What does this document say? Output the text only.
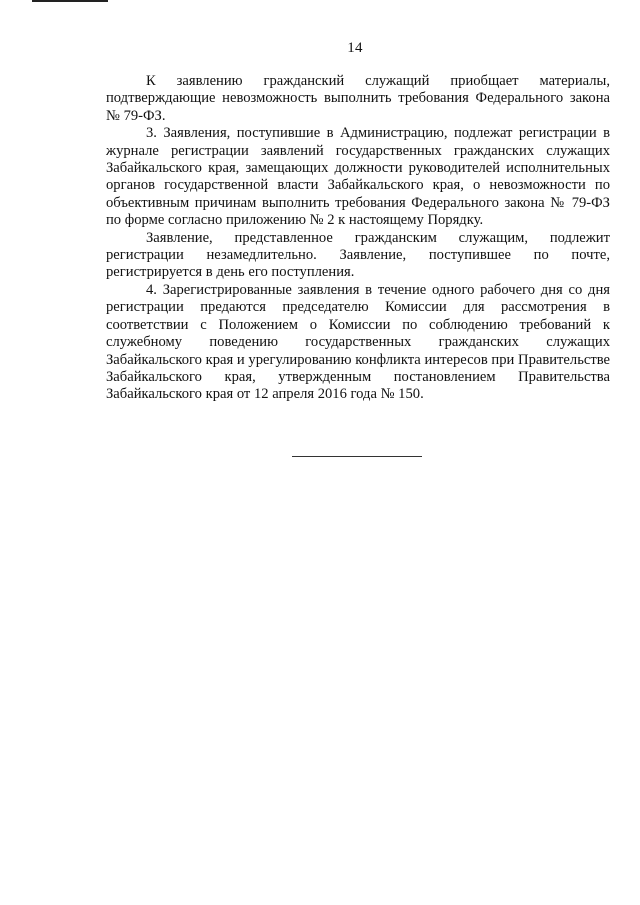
14

К заявлению гражданский служащий приобщает материалы, подтверждающие невозможность выполнить требования Федерального закона № 79-ФЗ.

3. Заявления, поступившие в Администрацию, подлежат регистрации в журнале регистрации заявлений государственных гражданских служащих Забайкальского края, замещающих должности руководителей исполнительных органов государственной власти Забайкальского края, о невозможности по объективным причинам выполнить требования Федерального закона № 79-ФЗ по форме согласно приложению № 2 к настоящему Порядку.

Заявление, представленное гражданским служащим, подлежит регистрации незамедлительно. Заявление, поступившее по почте, регистрируется в день его поступления.

4. Зарегистрированные заявления в течение одного рабочего дня со дня регистрации предаются председателю Комиссии для рассмотрения в соответствии с Положением о Комиссии по соблюдению требований к служебному поведению государственных гражданских служащих Забайкальского края и урегулированию конфликта интересов при Правительстве Забайкальского края, утвержденным постановлением Правительства Забайкальского края от 12 апреля 2016 года № 150.
